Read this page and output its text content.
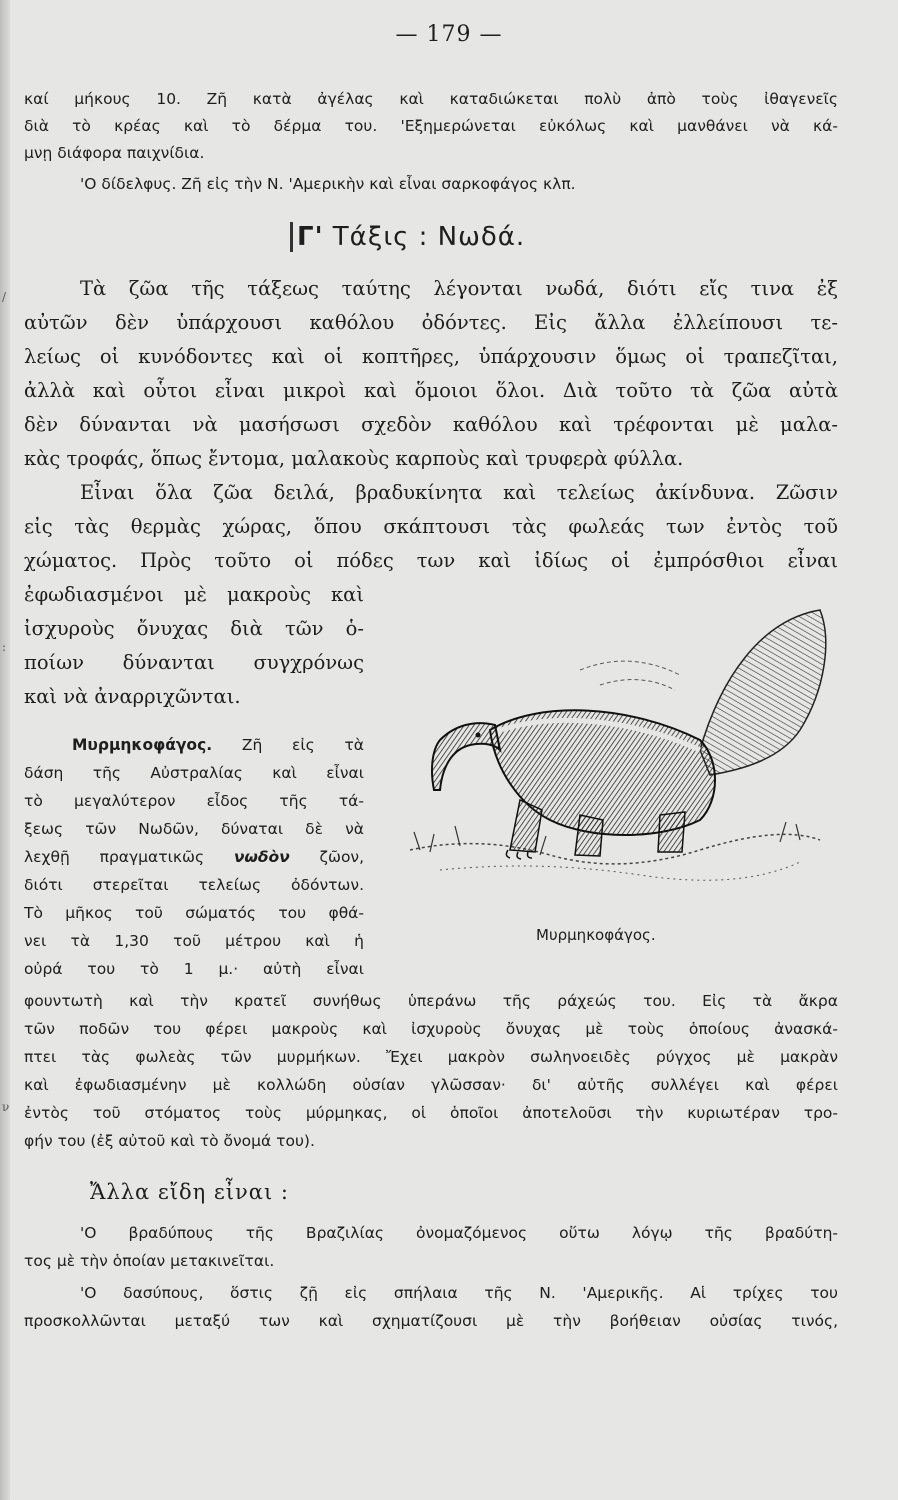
/
:
ν
— 179 —
καί μήκους 10. Ζῆ κατὰ ἀγέλας καὶ καταδιώκεται πολὺ ἀπὸ τοὺς ἰθαγενεῖς
διὰ τὸ κρέας καὶ τὸ δέρμα του. 'Εξημερώνεται εὐκόλως καὶ μανθάνει νὰ κά-
μνῃ διάφορα παιχνίδια.
'Ο δίδελφυς. Ζῆ εἰς τὴν Ν. 'Αμερικὴν καὶ εἶναι σαρκοφάγος κλπ.
Γ' Τάξις : Νωδά.
Τὰ ζῶα τῆς τάξεως ταύτης λέγονται νωδά, διότι εἴς τινα ἐξ
αὐτῶν δὲν ὑπάρχουσι καθόλου ὀδόντες. Εἰς ἄλλα ἐλλείπουσι τε-
λείως οἱ κυνόδοντες καὶ οἱ κοπτῆρες, ὑπάρχουσιν ὅμως οἱ τραπεζῖται,
ἀλλὰ καὶ οὗτοι εἶναι μικροὶ καὶ ὅμοιοι ὅλοι. Διὰ τοῦτο τὰ ζῶα αὐτὰ
δὲν δύνανται νὰ μασήσωσι σχεδὸν καθόλου καὶ τρέφονται μὲ μαλα-
κὰς τροφάς, ὅπως ἔντομα, μαλακοὺς καρποὺς καὶ τρυφερὰ φύλλα.
Εἶναι ὅλα ζῶα δειλά, βραδυκίνητα καὶ τελείως ἀκίνδυνα. Ζῶσιν
εἰς τὰς θερμὰς χώρας, ὅπου σκάπτουσι τὰς φωλεάς των ἐντὸς τοῦ
χώματος. Πρὸς τοῦτο οἱ πόδες των καὶ ἰδίως οἱ ἐμπρόσθιοι εἶναι
ἐφωδιασμένοι μὲ μακροὺς καὶ
ἰσχυροὺς ὄνυχας διὰ τῶν ὁ-
ποίων δύνανται συγχρόνως
καὶ νὰ ἀναρριχῶνται.
Μυρμηκοφάγος. Ζῆ εἰς τὰ
δάση τῆς Αὐστραλίας καὶ εἶναι
τὸ μεγαλύτερον εἶδος τῆς τά-
ξεως τῶν Νωδῶν, δύναται δὲ νὰ
λεχθῇ πραγματικῶς νωδὸν ζῶον,
διότι στερεῖται τελείως ὀδόντων.
Τὸ μῆκος τοῦ σώματός του φθά-
νει τὰ 1,30 τοῦ μέτρου καὶ ἡ
οὐρά του τὸ 1 μ.· αὐτὴ εἶναι
φουντωτὴ καὶ τὴν κρατεῖ συνήθως ὑπεράνω τῆς ράχεώς του. Εἰς τὰ ἄκρα
τῶν ποδῶν του φέρει μακροὺς καὶ ἰσχυροὺς ὄνυχας μὲ τοὺς ὁποίους ἀνασκά-
πτει τὰς φωλεὰς τῶν μυρμήκων. Ἔχει μακρὸν σωληνοειδὲς ρύγχος μὲ μακρὰν
καὶ ἐφωδιασμένην μὲ κολλώδη οὐσίαν γλῶσσαν· δι' αὐτῆς συλλέγει καὶ φέρει
ἐντὸς τοῦ στόματος τοὺς μύρμηκας, οἱ ὁποῖοι ἀποτελοῦσι τὴν κυριωτέραν τρο-
φήν του (ἐξ αὐτοῦ καὶ τὸ ὄνομά του).
Μυρμηκοφάγος.
Ἄλλα εἴδη εἶναι :
'Ο βραδύπους τῆς Βραζιλίας ὀνομαζόμενος οὕτω λόγῳ τῆς βραδύτη-
τος μὲ τὴν ὁποίαν μετακινεῖται.
'Ο δασύπους, ὅστις ζῇ εἰς σπήλαια τῆς Ν. 'Αμερικῆς. Αἱ τρίχες του
προσκολλῶνται μεταξύ των καὶ σχηματίζουσι μὲ τὴν βοήθειαν οὐσίας τινός,
